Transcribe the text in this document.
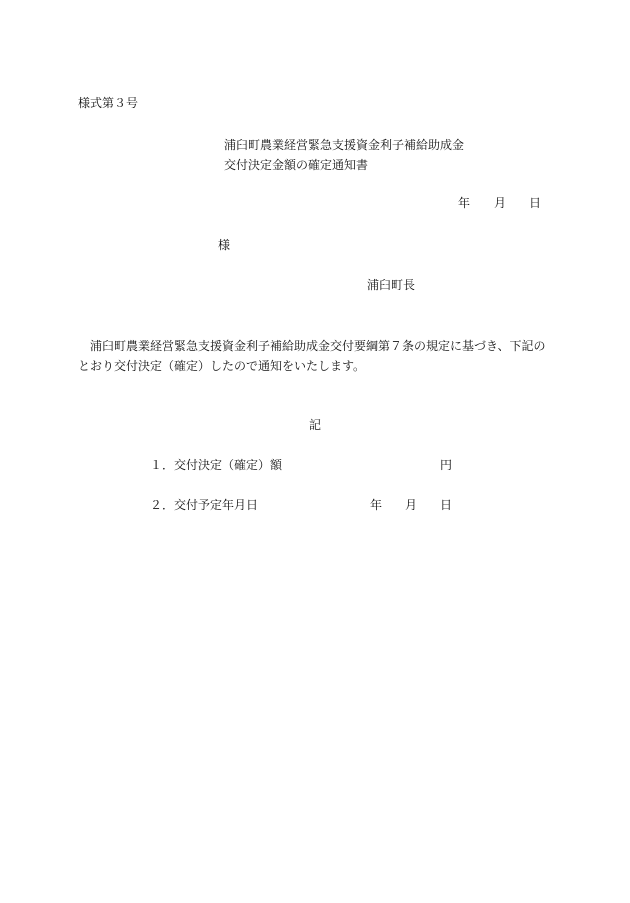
様式第３号
浦臼町農業経営緊急支援資金利子補給助成金
交付決定金額の確定通知書
年 月 日
様
浦臼町長
浦臼町農業経営緊急支援資金利子補給助成金交付要綱第７条の規定に基づき、下記のとおり交付決定（確定）したので通知をいたします。
記
１．交付決定（確定）額	円
２．交付予定年月日	年 月 日
